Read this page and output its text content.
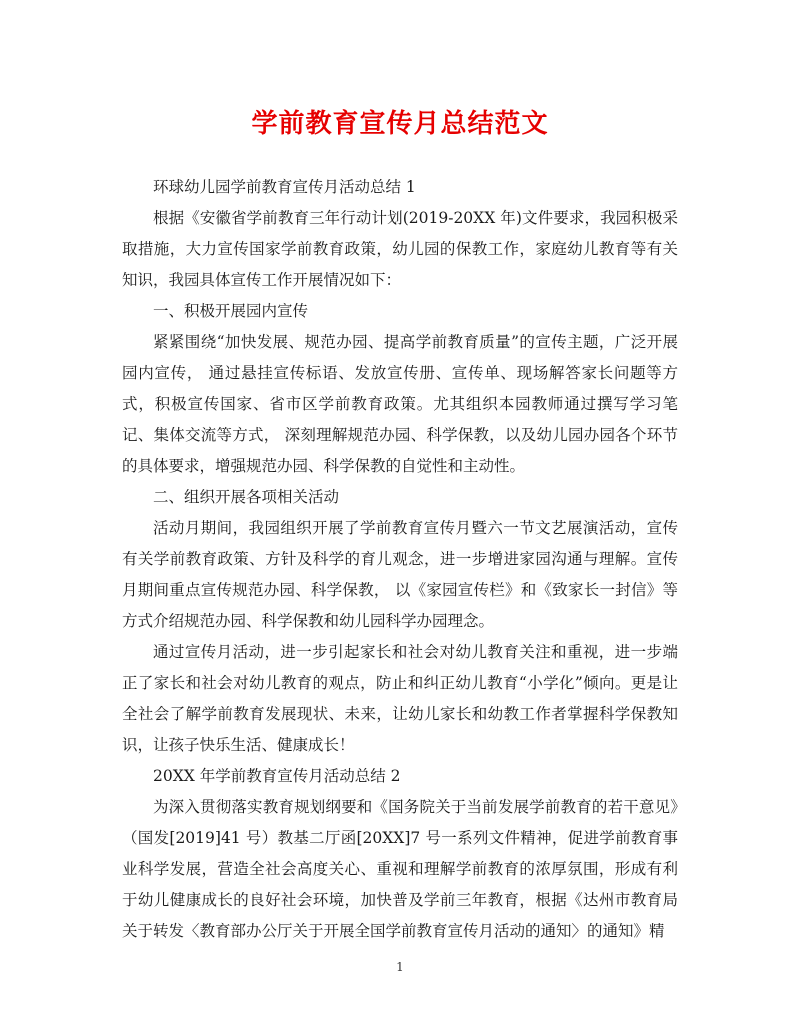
学前教育宣传月总结范文

环球幼儿园学前教育宣传月活动总结 1

根据《安徽省学前教育三年行动计划(2019-20XX 年)文件要求，我园积极采取措施，大力宣传国家学前教育政策，幼儿园的保教工作，家庭幼儿教育等有关知识，我园具体宣传工作开展情况如下：

一、积极开展园内宣传

紧紧围绕“加快发展、规范办园、提高学前教育质量”的宣传主题，广泛开展园内宣传， 通过悬挂宣传标语、发放宣传册、宣传单、现场解答家长问题等方式，积极宣传国家、省市区学前教育政策。尤其组织本园教师通过撰写学习笔记、集体交流等方式， 深刻理解规范办园、科学保教，以及幼儿园办园各个环节的具体要求，增强规范办园、科学保教的自觉性和主动性。

二、组织开展各项相关活动

活动月期间，我园组织开展了学前教育宣传月暨六一节文艺展演活动，宣传有关学前教育政策、方针及科学的育儿观念，进一步增进家园沟通与理解。宣传月期间重点宣传规范办园、科学保教， 以《家园宣传栏》和《致家长一封信》等方式介绍规范办园、科学保教和幼儿园科学办园理念。

通过宣传月活动，进一步引起家长和社会对幼儿教育关注和重视，进一步端正了家长和社会对幼儿教育的观点，防止和纠正幼儿教育“小学化”倾向。更是让全社会了解学前教育发展现状、未来，让幼儿家长和幼教工作者掌握科学保教知识，让孩子快乐生活、健康成长！

20XX 年学前教育宣传月活动总结 2

为深入贯彻落实教育规划纲要和《国务院关于当前发展学前教育的若干意见》（国发[2019]41 号）教基二厅函[20XX]7 号一系列文件精神，促进学前教育事业科学发展，营造全社会高度关心、重视和理解学前教育的浓厚氛围，形成有利于幼儿健康成长的良好社会环境，加快普及学前三年教育，根据《达州市教育局关于转发〈教育部办公厅关于开展全国学前教育宣传月活动的通知〉的通知》精

1
